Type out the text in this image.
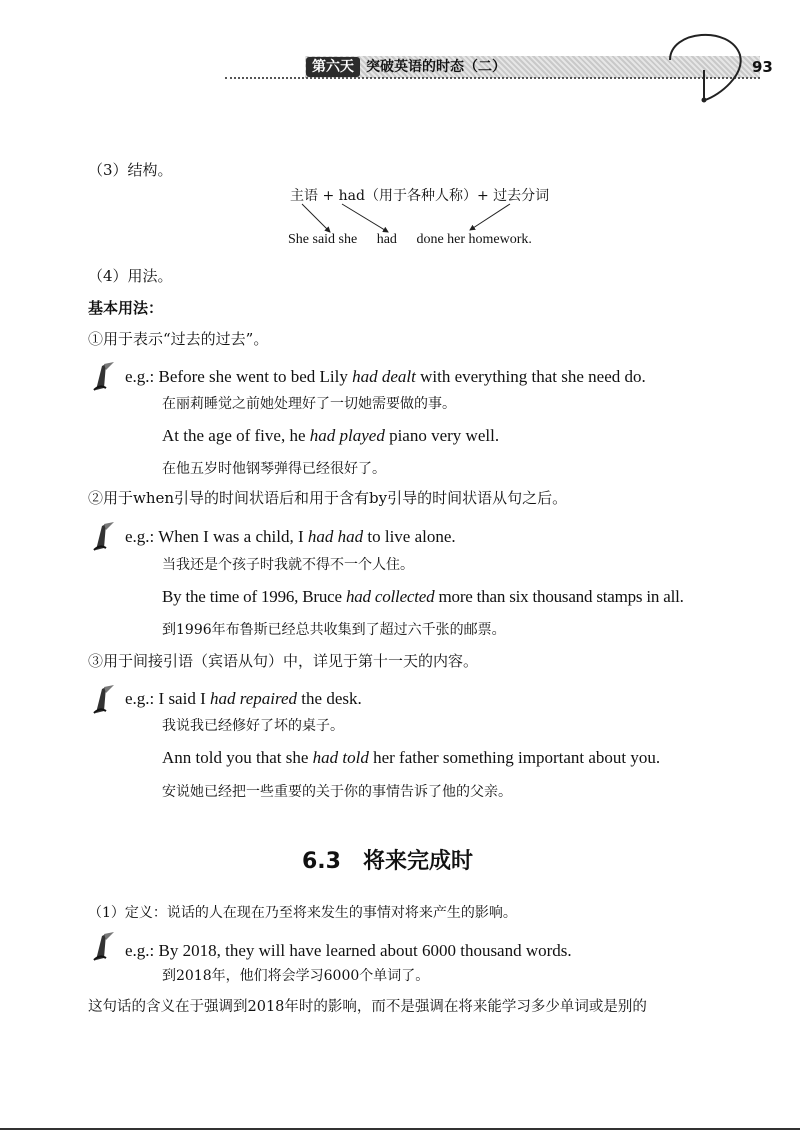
第六天 突破英语的时态（二）	93
（3）结构。
主语 + had（用于各种人称）+ 过去分词
She said she had done her homework.
（4）用法。
基本用法：
①用于表示“过去的过去”。
e.g.: Before she went to bed Lily had dealt with everything that she need do.
在丽莉睡觉之前她处理好了一切她需要做的事。
At the age of five, he had played piano very well.
在他五岁时他钢琴弹得已经很好了。
②用于when引导的时间状语后和用于含有by引导的时间状语从句之后。
e.g.: When I was a child, I had had to live alone.
当我还是个孩子时我就不得不一个人住。
By the time of 1996, Bruce had collected more than six thousand stamps in all.
到1996年布鲁斯已经总共收集到了超过六千张的邮票。
③用于间接引语（宾语从句）中，详见于第十一天的内容。
e.g.: I said I had repaired the desk.
我说我已经修好了坏的桌子。
Ann told you that she had told her father something important about you.
安说她已经把一些重要的关于你的事情告诉了他的父亲。
6.3　将来完成时
（1）定义：说话的人在现在乃至将来发生的事情对将来产生的影响。
e.g.: By 2018, they will have learned about 6000 thousand words.
到2018年，他们将会学习6000个单词了。
这句话的含义在于强调到2018年时的影响，而不是强调在将来能学习多少单词或是别的
